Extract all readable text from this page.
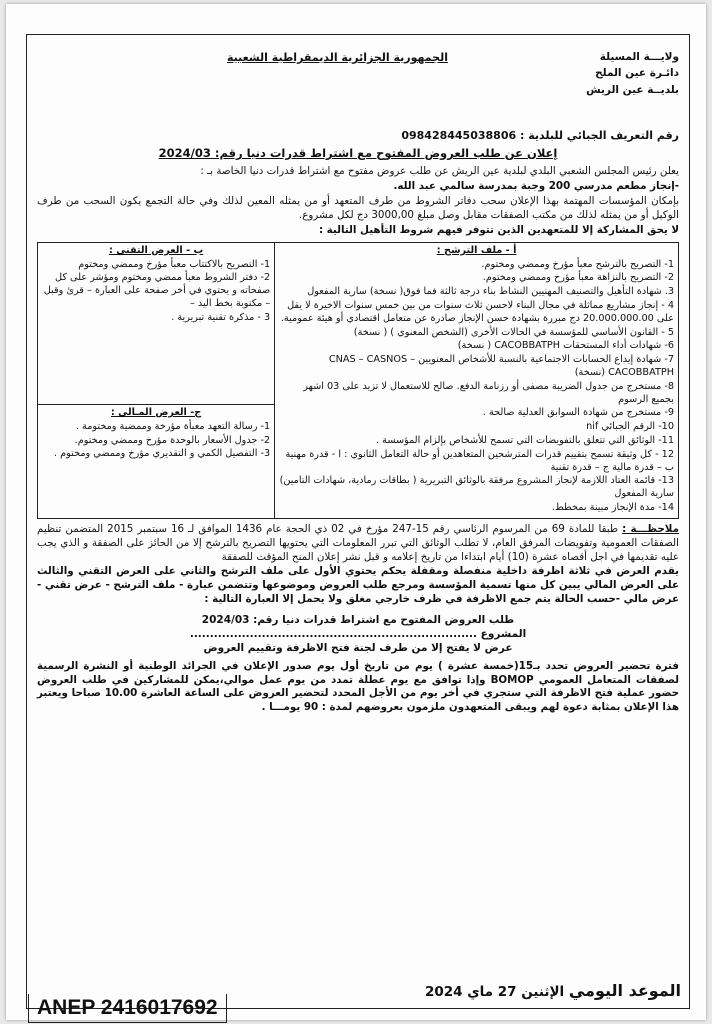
الجمهورية الجزائرية الديمقراطية الشعبية	ولايـــة المسيلة
دائـرة عين الملح
بلديــة عين الريش
رقم التعريف الجبائي للبلدية : 098428445038806
إعلان عن طلب العروض المفتوح مع اشتراط قدرات دنيا رقم: 2024/03

يعلن رئيس المجلس الشعبي البلدي لبلدية عين الريش عن طلب عروض مفتوح مع اشتراط قدرات دنيا الخاصة بـ :

-إنجاز مطعم مدرسي 200 وجبة بمدرسة سالمي عبد الله.

بإمكان المؤسسات المهتمة بهذا الإعلان سحب دفاتر الشروط من طرف المتعهد أو من يمثله المعين لذلك وفي حالة التجمع يكون السحب من طرف الوكيل أو من يمثله لذلك من مكتب الصفقات مقابل وصل مبلغ 3000,00 دج لكل مشروع.

لا يحق المشاركة إلا للمتعهدين الذين تتوفر فيهم شروط التأهيل التالية :

أ - ملف الترشح :
1- التصريح بالترشح معبأ مؤرخ وممضي ومختوم.
2- التصريح بالنزاهة معبأ مؤرخ وممضي ومختوم.
3. شهادة التأهيل والتصنيف المهنيين النشاط بناء درجة ثالثة فما فوق( نسخة) سارية المفعول
4 - إنجاز مشاريع مماثلة في مجال البناء لاحسن ثلاث سنوات من بين خمس سنوات الاخيرة لا يقل على 20.000.000.00 دج مبررة بشهادة حسن الإنجاز صادرة عن متعامل اقتصادي أو هيئة عمومية.
5 - القانون الأساسي للمؤسسة في الحالات الأخرى (الشخص المعنوي ) ( نسخة)
6- شهادات أداء المستحقات CACOBBATPH ( نسخة)
7- شهادة إيداع الحسابات الاجتماعية بالنسبة للأشخاص المعنويين CNAS – CASNOS – CACOBBATPH (نسخة)
8- مستخرج من جدول الضريبة مصفى أو رزنامة الدفع. صالح للاستعمال لا تزيد على 03 اشهر بجميع الرسوم
9- مستخرج من شهادة السوابق العدلية صالحة .
10- الرقم الجبائي nif
11- الوثائق التي تتعلق بالتفويضات التي تسمح للأشخاص بإلزام المؤسسة .
12 - كل وثيقة تسمح بتقييم قدرات المترشحين المتعاهدين أو حالة التعامل الثانوي : ا - قدرة مهنية ب – قدرة مالية ج – قدرة تقنية
13- قائمة العتاد اللازمة لإنجاز المشروع مرفقة بالوثائق التبريرية ( بطاقات رمادية، شهادات التامين) سارية المفعول
14- مدة الإنجاز مبينة بمخطط.

ب - العرض التقني :
1- التصريح بالاكتتاب معبأ مؤرخ وممضي ومختوم
2- دفتر الشروط معبأ ممضي ومختوم ومؤشر على كل صفحاته و يحتوي في أخر صفحة على العبارة – قرئ وقبل – مكتوبة بخط اليد –
3 - مذكرة تقنية تبريرية .

ج- العرض المـالي :
1- رسالة التعهد معبأة مؤرخة وممضية ومختومة .
2- جدول الأسعار بالوحدة مؤرخ وممضي ومختوم.
3- التفصيل الكمي و التقديري مؤرخ وممضي ومختوم .

ملاحظـــة : طبقا للمادة 69 من المرسوم الرئاسي رقم 15-247 مؤرخ في 02 ذي الحجة عام 1436 الموافق لـ 16 سبتمبر 2015 المتضمن تنظيم الصفقات العمومية وتفويضات المرفق العام، لا تطلب الوثائق التي تبرر المعلومات التي يحتويها التصريح بالترشح إلا من الحائز على الصفقة و الذي يجب عليه تقديمها في اجل أقصاه عشرة (10) أيام ابتداءا من تاريخ إعلامه و قبل نشر إعلان المنح المؤقت للصفقة

يقدم العرض في ثلاثة اظرفة داخلية منفصلة ومقفلة يحكم يحتوي الأول على ملف الترشح والثاني على العرض التقني والثالث على العرض المالي يبين كل منها تسمية المؤسسة ومرجع طلب العروض وموضوعها وتتضمن عبارة - ملف الترشح - عرض تقني - عرض مالي -حسب الحالة يتم جمع الاظرفة في ظرف خارجي مغلق ولا يحمل إلا العبارة التالية :

طلب العروض المفتوح مع اشتراط قدرات دنيا رقم: 2024/03
المشروع ........................................................................
عرض لا يفتح إلا من طرف لجنة فتح الاظرفة وتقييم العروض

فترة تحضير العروض تحدد بـ15(خمسة عشرة ) يوم من تاريخ أول يوم صدور الإعلان في الجرائد الوطنية أو النشرة الرسمية لصفقات المتعامل العمومي BOMOP وإذا توافق مع يوم عطلة تمدد من يوم عمل موالي،يمكن للمشاركين في طلب العروض حضور عملية فتح الاظرفة التي ستجري في أخر يوم من الأجل المحدد لتحضير العروض على الساعة العاشرة 10.00 صباحا ويعتبر هذا الإعلان بمثابة دعوة لهم ويبقى المتعهدون ملزمون بعروضهم لمدة : 90 يومـــا .

الموعد اليومي الإثنين 27 ماي 2024
ANEP 2416017692
